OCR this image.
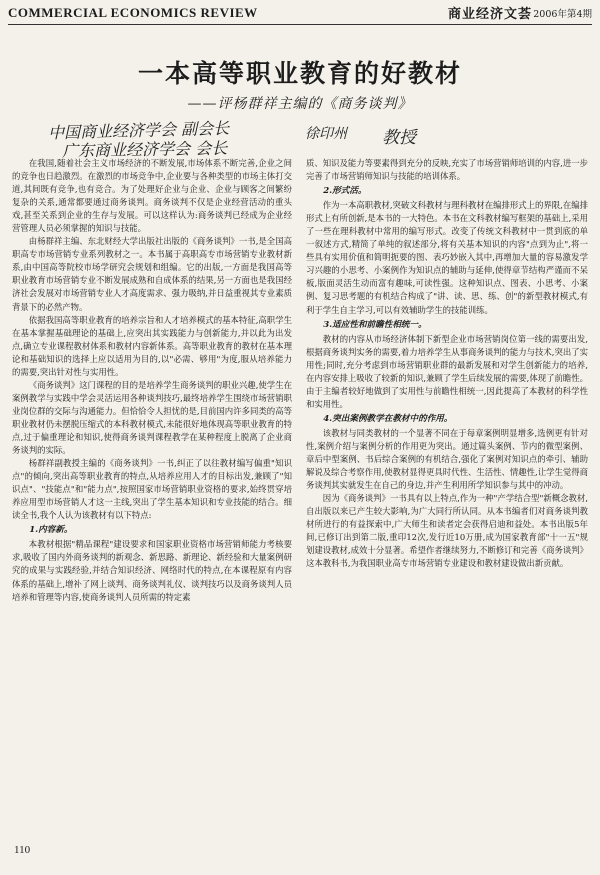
COMMERCIAL ECONOMICS REVIEW	商业经济文荟 2006年第4期
一本高等职业教育的好教材
——评杨群祥主编的《商务谈判》
中国商业经济学会 副会长
广东商业经济学会 会长
徐印州 教授

在我国,随着社会主义市场经济的不断发展,市场体系不断完善,企业之间的竞争也日趋激烈。在激烈的市场竞争中,企业要与各种类型的市场主体打交道,其间既有竞争,也有竞合。为了处理好企业与企业、企业与顾客之间繁纷复杂的关系,通常都要通过商务谈判。商务谈判不仅是企业经营活动的重头戏,甚至关系到企业的生存与发展。可以这样认为:商务谈判已经成为企业经营管理人员必须掌握的知识与技能。

由杨群祥主编、东北财经大学出版社出版的《商务谈判》一书,是全国高职高专市场营销专业系列教材之一。本书属于高职高专市场营销专业教材新系,由中国高等院校市场学研究会规划和组编。它的出版,一方面是我国高等职业教育市场营销专业不断发展成熟和自成体系的结果,另一方面也是我国经济社会发展对市场营销专业人才高度需求、强力吸纳,并日益重视其专业素质背景下的必然产物。

依据我国高等职业教育的培养宗旨和人才培养模式的基本特征,高职学生在基本掌握基础理论的基础上,应突出其实践能力与创新能力,并以此为出发点,确立专业课程教材体系和教材内容新体系。高等职业教育的教材在基本理论和基础知识的选择上应以适用为目的,以"必需、够用"为度,服从培养能力的需要,突出针对性与实用性。

《商务谈判》这门课程的目的是培养学生商务谈判的职业兴趣,使学生在案例教学与实践中学会灵活运用各种谈判技巧,最终培养学生围绕市场营销职业岗位群的交际与沟通能力。但恰恰令人担忧的是,目前国内许多同类的高等职业教材仍未摆脱压缩式的本科教材模式,未能很好地体现高等职业教育的特点,过于偏重理论和知识,使得商务谈判课程教学在某种程度上脱离了企业商务谈判的实际。

杨群祥副教授主编的《商务谈判》一书,纠正了以往教材编写偏重"知识点"的倾向,突出高等职业教育的特点,从培养应用人才的目标出发,兼顾了"知识点"、"技能点"和"能力点",按照国家市场营销职业资格的要求,始终贯穿培养应用型市场营销人才这一主线,突出了学生基本知识和专业技能的结合。细读全书,我个人认为该教材有以下特点:

1.内容新。

本教材根据"精品课程"建设要求和国家职业资格市场营销师能力考核要求,吸收了国内外商务谈判的新观念、新思路、新理论、新经验和大量案例研究的成果与实践经验,并结合知识经济、网络时代的特点,在本课程原有内容体系的基础上,增补了网上谈判、商务谈判礼仪、谈判技巧以及商务谈判人员培养和管理等内容,使商务谈判人员所需的特定素

质、知识及能力等要素得到充分的反映,充实了市场营销师培训的内容,进一步完善了市场营销师知识与技能的培训体系。

2.形式活。

作为一本高职教材,突破文科教材与理科教材在编排形式上的界限,在编排形式上有所创新,是本书的一大特色。本书在文科教材编写框架的基础上,采用了一些在理科教材中常用的编写形式。改变了传统文科教材中一贯到底的单一叙述方式,精简了单纯的叙述部分,将有关基本知识的内容"点到为止",将一些具有实用价值和简明扼要的图、表巧妙嵌入其中,再增加大量的容易激发学习兴趣的小思考、小案例作为知识点的辅助与延伸,使得章节结构严谨而不呆板,版面灵活生动而富有趣味,可读性强。这种知识点、图表、小思考、小案例、复习思考题的有机结合构成了"讲、读、思、练、创"的新型教材模式,有利于学生自主学习,可以有效辅助学生的技能训练。

3.适应性和前瞻性相统一。

教材的内容从市场经济体制下新型企业市场营销岗位第一线的需要出发,根据商务谈判实务的需要,着力培养学生从事商务谈判的能力与技术,突出了实用性;同时,充分考虑到市场营销职业群的最新发展和对学生创新能力的培养,在内容安排上吸收了较新的知识,兼顾了学生后续发展的需要,体现了前瞻性。由于主编者较好地做到了实用性与前瞻性相统一,因此提高了本教材的科学性和实用性。

4.突出案例教学在教材中的作用。

该教材与同类教材的一个显著不同在于每章案例明显增多,选例更有针对性,案例介绍与案例分析的作用更为突出。通过篇头案例、节内的微型案例、章后中型案例、书后综合案例的有机结合,强化了案例对知识点的牵引、辅助解说及综合考察作用,使教材显得更具时代性、生活性、情趣性,让学生觉得商务谈判其实就发生在自己的身边,并产生利用所学知识参与其中的冲动。

因为《商务谈判》一书具有以上特点,作为一种"产学结合型"新概念教材,自出版以来已产生较大影响,为广大同行所认同。从本书编者们对商务谈判教材所进行的有益探索中,广大师生和读者定会获得启迪和益处。本书出版5年间,已修订出到第二版,重印12次,发行近10万册,成为国家教育部"十一五"规划建设教材,成效十分显著。希望作者继续努力,不断修订和完善《商务谈判》这本教科书,为我国职业高专市场营销专业建设和教材建设做出新贡献。

110
